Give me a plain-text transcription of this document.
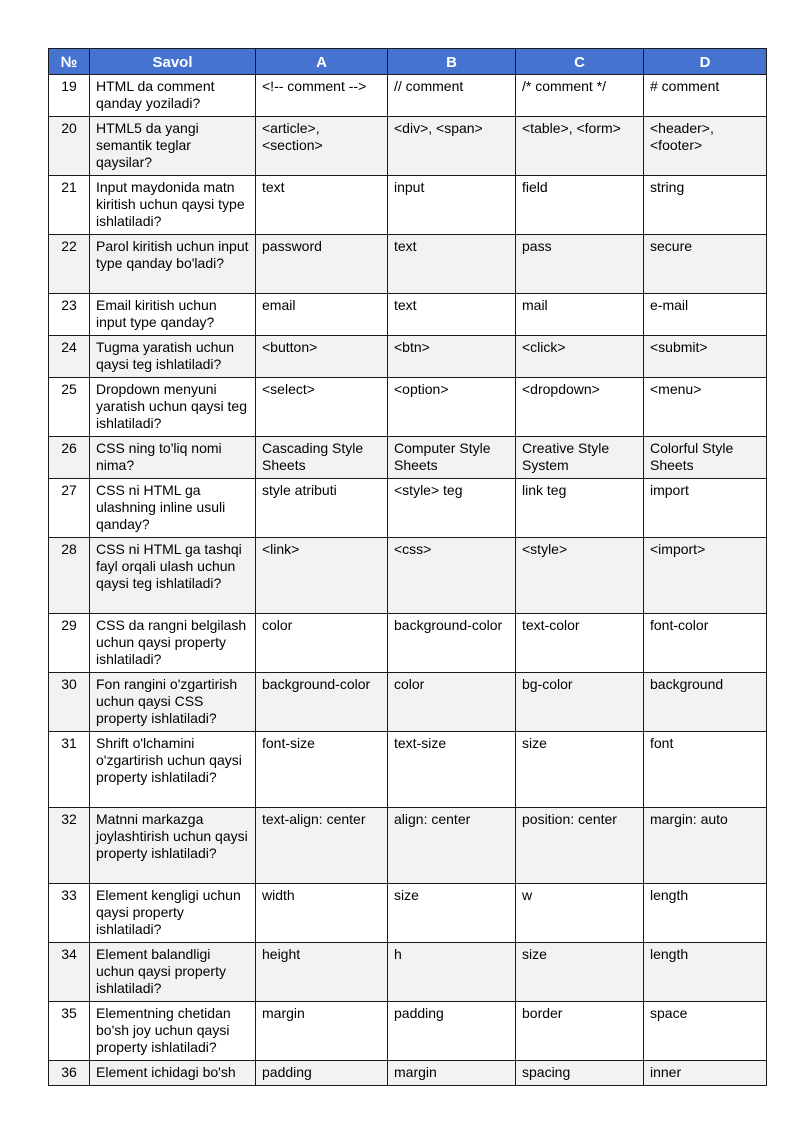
№	Savol	A	B	C	D
19	HTML da comment qanday yoziladi?	<!-- comment -->	// comment	/* comment */	# comment
20	HTML5 da yangi semantik teglar qaysilar?	<article>, <section>	<div>, <span>	<table>, <form>	<header>, <footer>
21	Input maydonida matn kiritish uchun qaysi type ishlatiladi?	text	input	field	string
22	Parol kiritish uchun input type qanday bo'ladi?	password	text	pass	secure
23	Email kiritish uchun input type qanday?	email	text	mail	e-mail
24	Tugma yaratish uchun qaysi teg ishlatiladi?	<button>	<btn>	<click>	<submit>
25	Dropdown menyuni yaratish uchun qaysi teg ishlatiladi?	<select>	<option>	<dropdown>	<menu>
26	CSS ning to'liq nomi nima?	Cascading Style Sheets	Computer Style Sheets	Creative Style System	Colorful Style Sheets
27	CSS ni HTML ga ulashning inline usuli qanday?	style atributi	<style> teg	link teg	import
28	CSS ni HTML ga tashqi fayl orqali ulash uchun qaysi teg ishlatiladi?	<link>	<css>	<style>	<import>
29	CSS da rangni belgilash uchun qaysi property ishlatiladi?	color	background-color	text-color	font-color
30	Fon rangini o'zgartirish uchun qaysi CSS property ishlatiladi?	background-color	color	bg-color	background
31	Shrift o'lchamini o'zgartirish uchun qaysi property ishlatiladi?	font-size	text-size	size	font
32	Matnni markazga joylashtirish uchun qaysi property ishlatiladi?	text-align: center	align: center	position: center	margin: auto
33	Element kengligi uchun qaysi property ishlatiladi?	width	size	w	length
34	Element balandligi uchun qaysi property ishlatiladi?	height	h	size	length
35	Elementning chetidan bo'sh joy uchun qaysi property ishlatiladi?	margin	padding	border	space
36	Element ichidagi bo'sh	padding	margin	spacing	inner
